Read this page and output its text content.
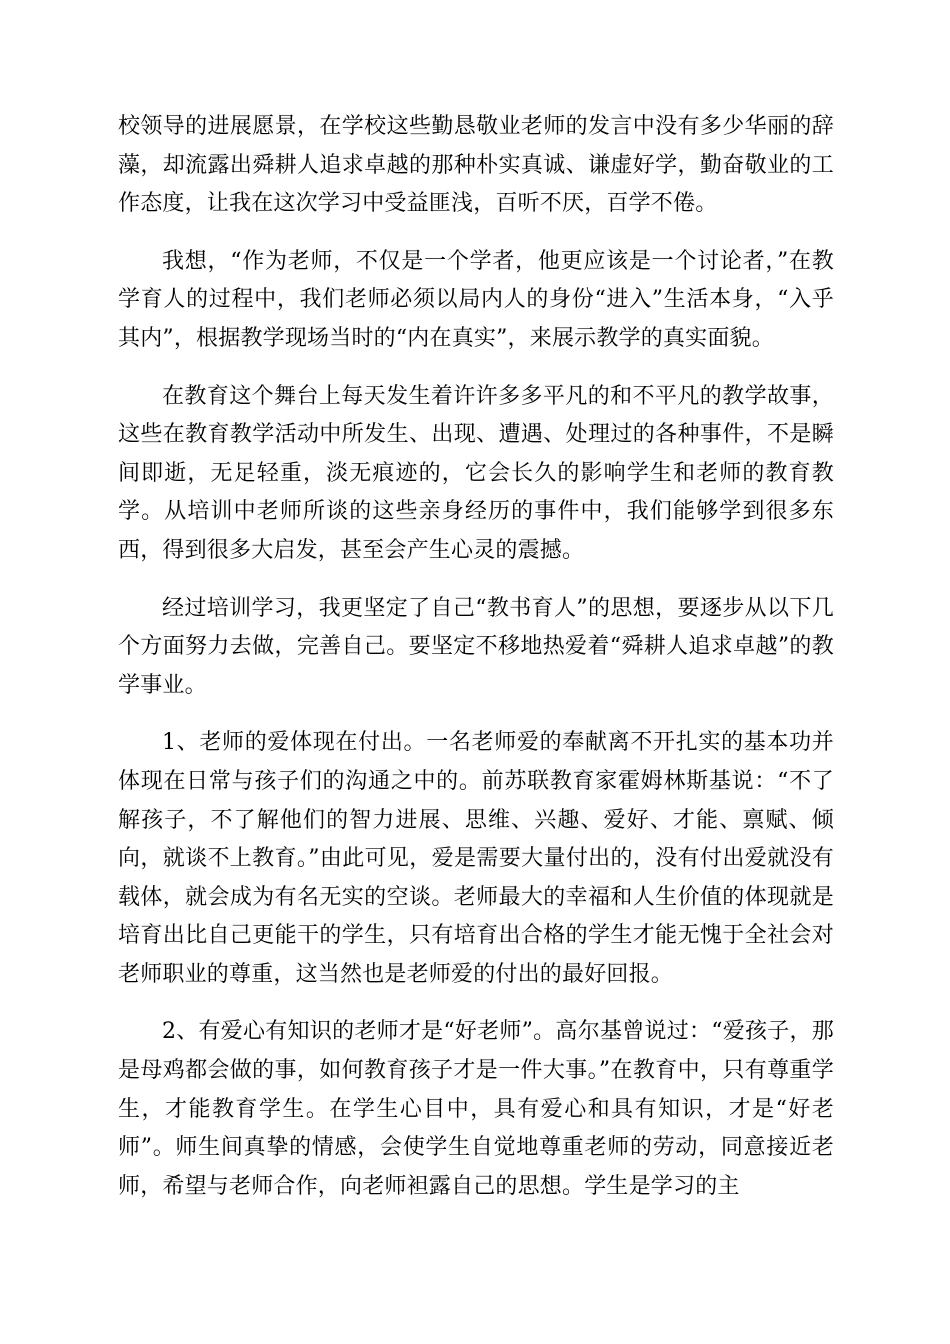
校领导的进展愿景，在学校这些勤恳敬业老师的发言中没有多少华丽的辞藻，却流露出舜耕人追求卓越的那种朴实真诚、谦虚好学，勤奋敬业的工作态度，让我在这次学习中受益匪浅，百听不厌，百学不倦。

我想，“作为老师，不仅是一个学者，他更应该是一个讨论者，”在教学育人的过程中，我们老师必须以局内人的身份“进入”生活本身，“入乎其内”，根据教学现场当时的“内在真实”，来展示教学的真实面貌。

在教育这个舞台上每天发生着许许多多平凡的和不平凡的教学故事，这些在教育教学活动中所发生、出现、遭遇、处理过的各种事件，不是瞬间即逝，无足轻重，淡无痕迹的，它会长久的影响学生和老师的教育教学。从培训中老师所谈的这些亲身经历的事件中，我们能够学到很多东西，得到很多大启发，甚至会产生心灵的震撼。

经过培训学习，我更坚定了自己“教书育人”的思想，要逐步从以下几个方面努力去做，完善自己。要坚定不移地热爱着“舜耕人追求卓越”的教学事业。

1、老师的爱体现在付出。一名老师爱的奉献离不开扎实的基本功并体现在日常与孩子们的沟通之中的。前苏联教育家霍姆林斯基说：“不了解孩子，不了解他们的智力进展、思维、兴趣、爱好、才能、禀赋、倾向，就谈不上教育。”由此可见，爱是需要大量付出的，没有付出爱就没有载体，就会成为有名无实的空谈。老师最大的幸福和人生价值的体现就是培育出比自己更能干的学生，只有培育出合格的学生才能无愧于全社会对老师职业的尊重，这当然也是老师爱的付出的最好回报。

2、有爱心有知识的老师才是“好老师”。高尔基曾说过：“爱孩子，那是母鸡都会做的事，如何教育孩子才是一件大事。”在教育中，只有尊重学生，才能教育学生。在学生心目中，具有爱心和具有知识，才是“好老师”。师生间真挚的情感，会使学生自觉地尊重老师的劳动，同意接近老师，希望与老师合作，向老师袒露自己的思想。学生是学习的主
